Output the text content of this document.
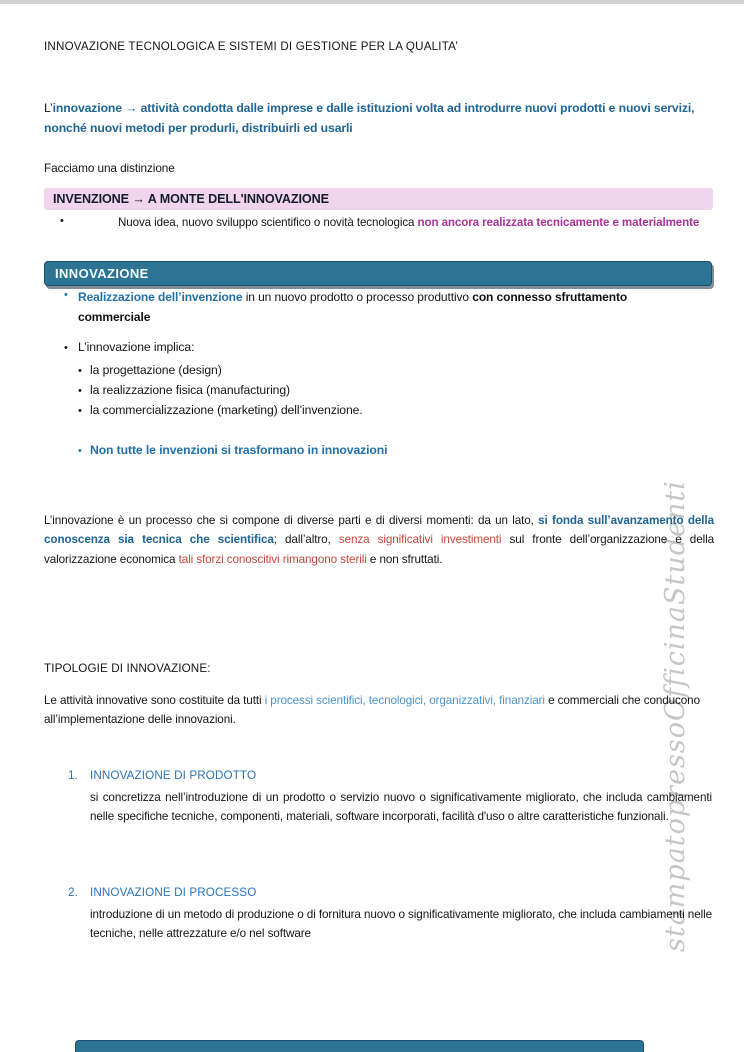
stampatopressoOfficinaStudenti
INNOVAZIONE TECNOLOGICA E SISTEMI DI GESTIONE PER LA QUALITA’
L’innovazione → attività condotta dalle imprese e dalle istituzioni volta ad introdurre nuovi prodotti e nuovi servizi, nonché nuovi metodi per produrli, distribuirli ed usarli
Facciamo una distinzione
INVENZIONE → A MONTE DELL'INNOVAZIONE
•
Nuova idea, nuovo sviluppo scientifico o novità tecnologica non ancora realizzata tecnicamente e materialmente
INNOVAZIONE
•
Realizzazione dell’invenzione in un nuovo prodotto o processo produttivo con connesso sfruttamento commerciale
•
L’innovazione implica:
•
la progettazione (design)
•
la realizzazione fisica (manufacturing)
•
la commercializzazione (marketing) dell’invenzione.
•
Non tutte le invenzioni si trasformano in innovazioni
L’innovazione è un processo che si compone di diverse parti e di diversi momenti: da un lato, si fonda sull’avanzamento della conoscenza sia tecnica che scientifica; dall’altro, senza significativi investimenti sul fronte dell’organizzazione e della valorizzazione economica tali sforzi conoscitivi rimangono sterili e non sfruttati.
TIPOLOGIE DI INNOVAZIONE:
Le attività innovative sono costituite da tutti i processi scientifici, tecnologici, organizzativi, finanziari e commerciali che conducono all’implementazione delle innovazioni.
1. INNOVAZIONE DI PRODOTTO
si concretizza nell’introduzione di un prodotto o servizio nuovo o significativamente migliorato, che includa cambiamenti nelle specifiche tecniche, componenti, materiali, software incorporati, facilità d'uso o altre caratteristiche funzionali.
2. INNOVAZIONE DI PROCESSO
introduzione di un metodo di produzione o di fornitura nuovo o significativamente migliorato, che includa cambiamenti nelle tecniche, nelle attrezzature e/o nel software
